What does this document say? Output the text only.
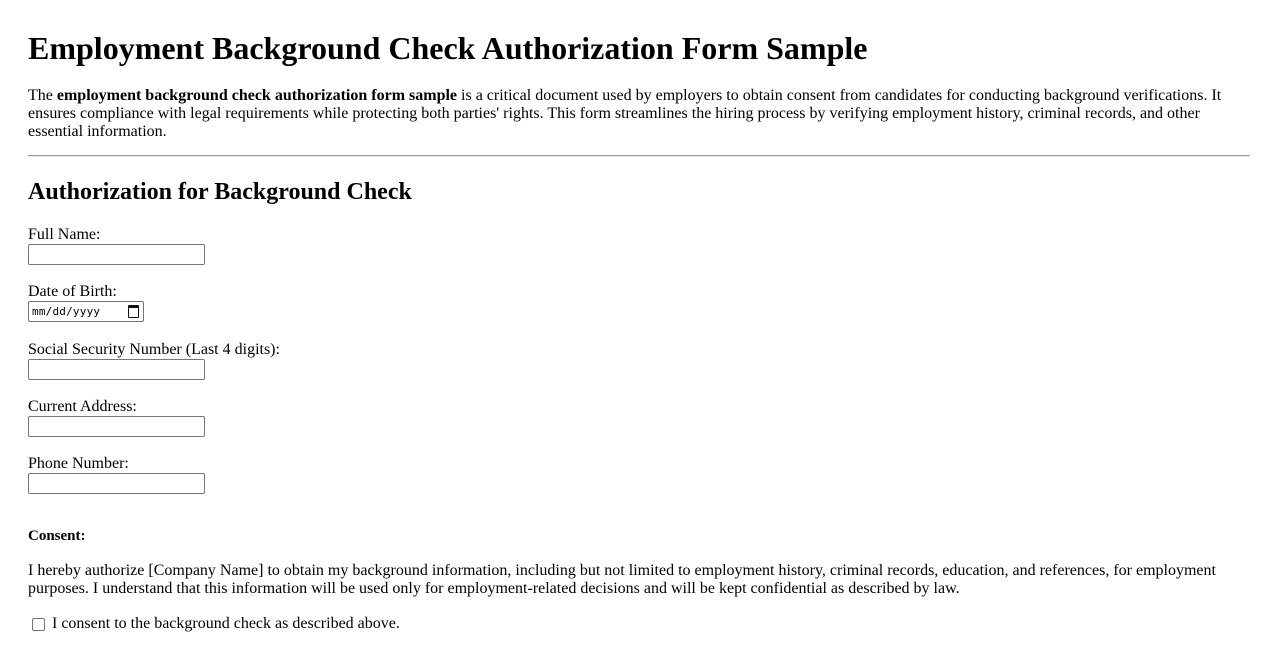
Employment Background Check Authorization Form Sample

The employment background check authorization form sample is a critical document used by employers to obtain consent from candidates for conducting background verifications. It ensures compliance with legal requirements while protecting both parties' rights. This form streamlines the hiring process by verifying employment history, criminal records, and other essential information.

Authorization for Background Check
Full Name:
Date of Birth:
mm/dd/yyyy
Social Security Number (Last 4 digits):
Current Address:
Phone Number:

Consent:

I hereby authorize [Company Name] to obtain my background information, including but not limited to employment history, criminal records, education, and references, for employment purposes. I understand that this information will be used only for employment-related decisions and will be kept confidential as described by law.

I consent to the background check as described above.
